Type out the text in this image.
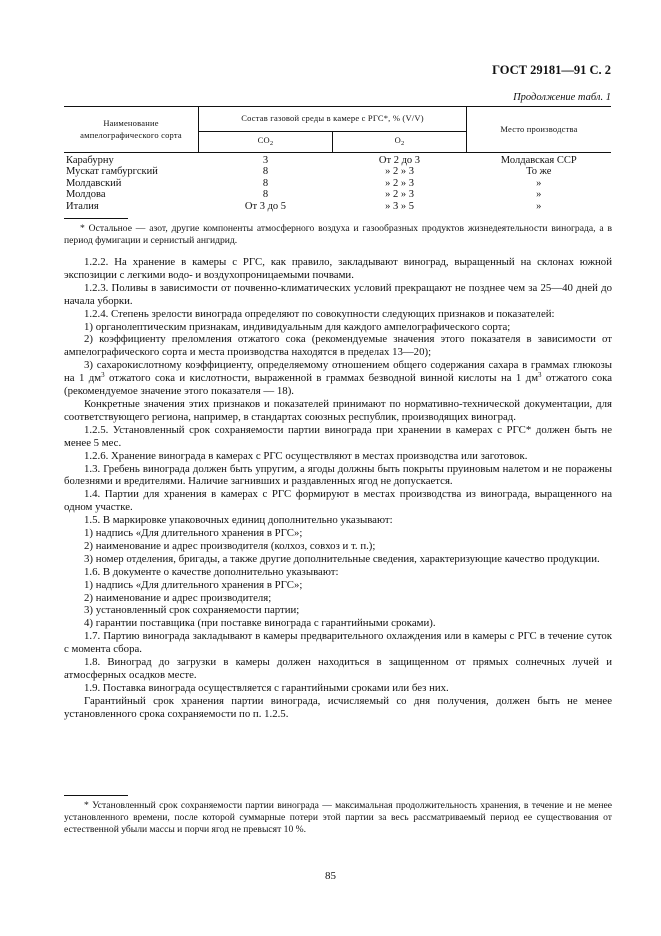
ГОСТ 29181—91 С. 2
Продолжение табл. 1
Наименование ампелографического сорта	Состав газовой среды в камере с РГС*, % (V/V)		Место производства
	$CO_2$	$O_2$
Карабурну	3	От 2 до 3	Молдавская ССР
Мускат гамбургский	8	» 2 » 3	То же
Молдавский	8	» 2 » 3	»
Молдова	8	» 2 » 3	»
Италия	От 3 до 5	» 3 » 5	»

* Остальное — азот, другие компоненты атмосферного воздуха и газообразных продуктов жизнедеятельности винограда, а в период фумигации и сернистый ангидрид.

1.2.2. На хранение в камеры с РГС, как правило, закладывают виноград, выращенный на склонах южной экспозиции с легкими водо- и воздухопроницаемыми почвами.

1.2.3. Поливы в зависимости от почвенно-климатических условий прекращают не позднее чем за 25—40 дней до начала уборки.

1.2.4. Степень зрелости винограда определяют по совокупности следующих признаков и показателей:

1) органолептическим признакам, индивидуальным для каждого ампелографического сорта;

2) коэффициенту преломления отжатого сока (рекомендуемые значения этого показателя в зависимости от ампелографического сорта и места производства находятся в пределах 13—20);

3) сахарокислотному коэффициенту, определяемому отношением общего содержания сахара в граммах глюкозы на 1 $дм^3$ отжатого сока и кислотности, выраженной в граммах безводной винной кислоты на 1 $дм^3$ отжатого сока (рекомендуемое значение этого показателя — 18).

Конкретные значения этих признаков и показателей принимают по нормативно-технической документации, для соответствующего региона, например, в стандартах союзных республик, производящих виноград.

1.2.5. Установленный срок сохраняемости партии винограда при хранении в камерах с РГС* должен быть не менее 5 мес.

1.2.6. Хранение винограда в камерах с РГС осуществляют в местах производства или заготовок.

1.3. Гребень винограда должен быть упругим, а ягоды должны быть покрыты пруиновым налетом и не поражены болезнями и вредителями. Наличие загнивших и раздавленных ягод не допускается.

1.4. Партии для хранения в камерах с РГС формируют в местах производства из винограда, выращенного на одном участке.

1.5. В маркировке упаковочных единиц дополнительно указывают:

1) надпись «Для длительного хранения в РГС»;

2) наименование и адрес производителя (колхоз, совхоз и т. п.);

3) номер отделения, бригады, а также другие дополнительные сведения, характеризующие качество продукции.

1.6. В документе о качестве дополнительно указывают:

1) надпись «Для длительного хранения в РГС»;

2) наименование и адрес производителя;

3) установленный срок сохраняемости партии;

4) гарантии поставщика (при поставке винограда с гарантийными сроками).

1.7. Партию винограда закладывают в камеры предварительного охлаждения или в камеры с РГС в течение суток с момента сбора.

1.8. Виноград до загрузки в камеры должен находиться в защищенном от прямых солнечных лучей и атмосферных осадков месте.

1.9. Поставка винограда осуществляется с гарантийными сроками или без них.

Гарантийный срок хранения партии винограда, исчисляемый со дня получения, должен быть не менее установленного срока сохраняемости по п. 1.2.5.

* Установленный срок сохраняемости партии винограда — максимальная продолжительность хранения, в течение и не менее установленного времени, после которой суммарные потери этой партии за весь рассматриваемый период ее существования от естественной убыли массы и порчи ягод не превысят 10 %.

85
